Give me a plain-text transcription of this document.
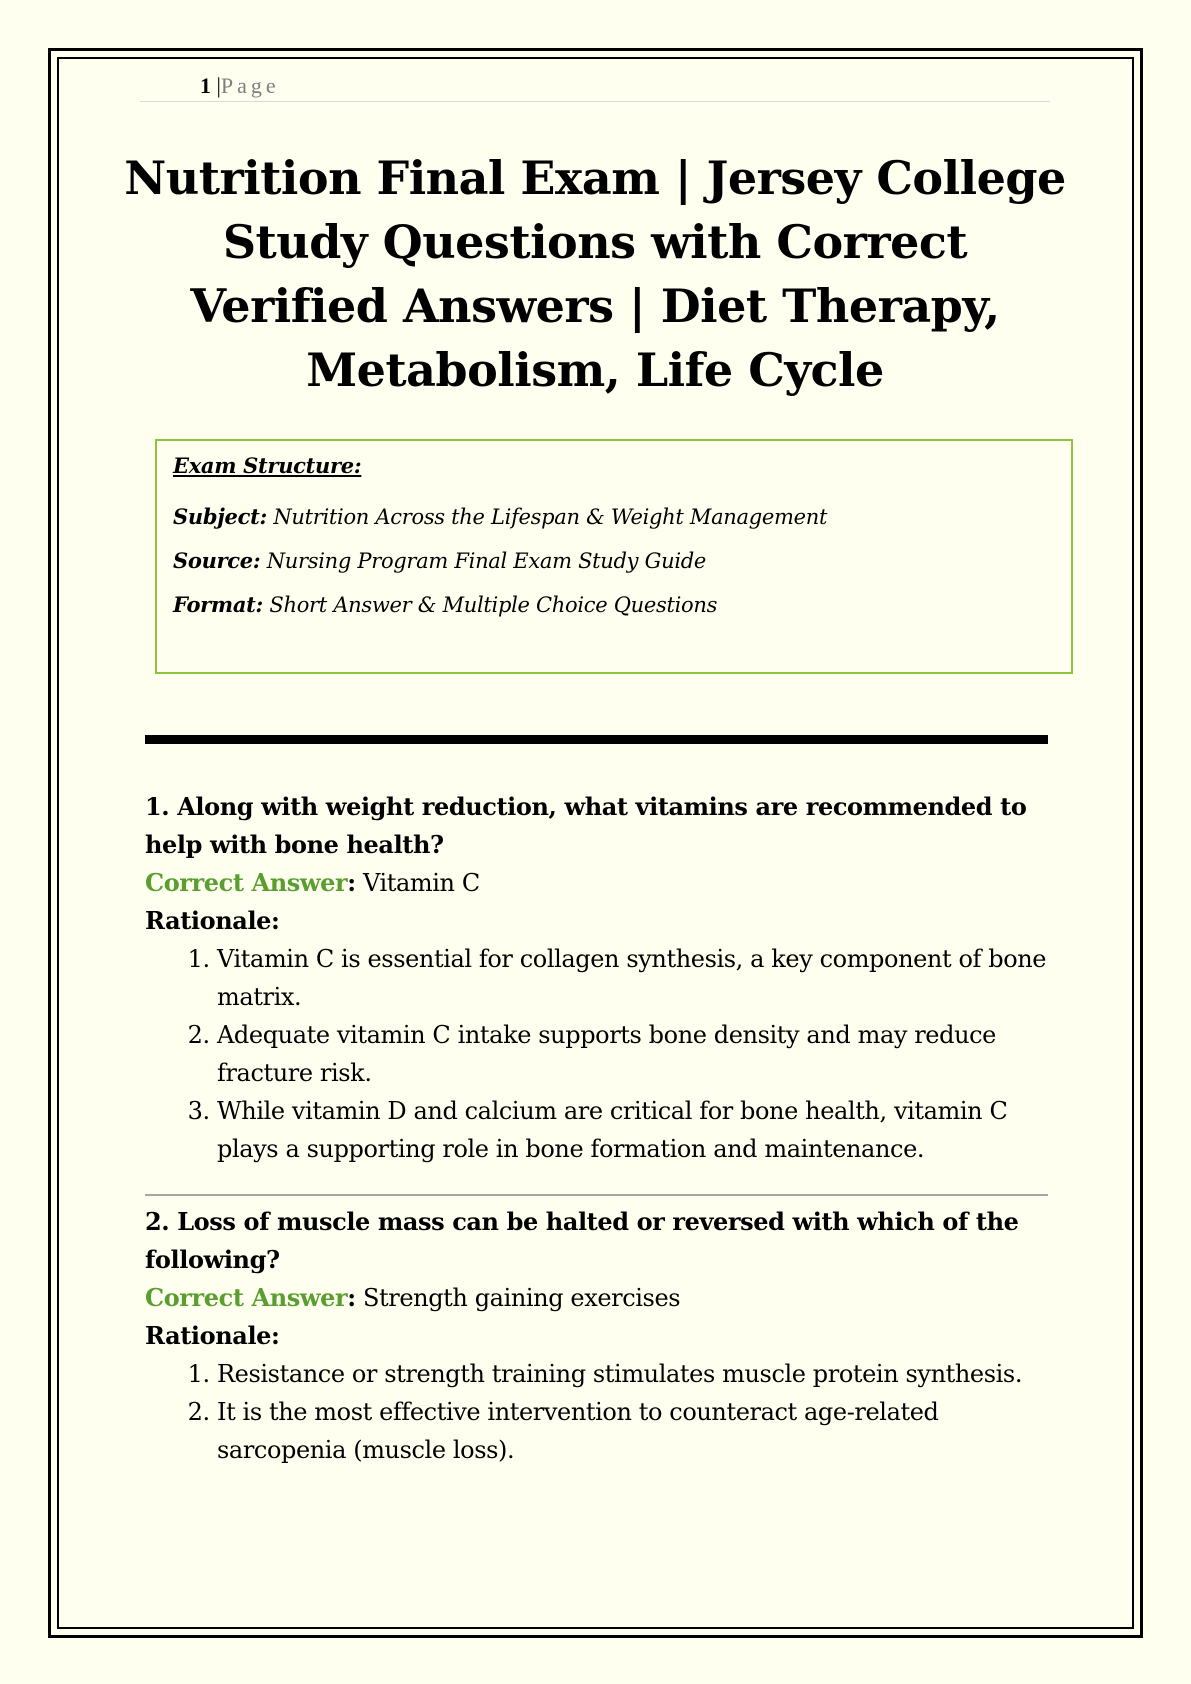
1 |Page
Nutrition Final Exam | Jersey College Study Questions with Correct Verified Answers | Diet Therapy, Metabolism, Life Cycle
Exam Structure:
Subject: Nutrition Across the Lifespan & Weight Management
Source: Nursing Program Final Exam Study Guide
Format: Short Answer & Multiple Choice Questions
1. Along with weight reduction, what vitamins are recommended to help with bone health?
Correct Answer: Vitamin C
Rationale:
1. Vitamin C is essential for collagen synthesis, a key component of bone matrix.
2. Adequate vitamin C intake supports bone density and may reduce fracture risk.
3. While vitamin D and calcium are critical for bone health, vitamin C plays a supporting role in bone formation and maintenance.
2. Loss of muscle mass can be halted or reversed with which of the following?
Correct Answer: Strength gaining exercises
Rationale:
1. Resistance or strength training stimulates muscle protein synthesis.
2. It is the most effective intervention to counteract age-related sarcopenia (muscle loss).
